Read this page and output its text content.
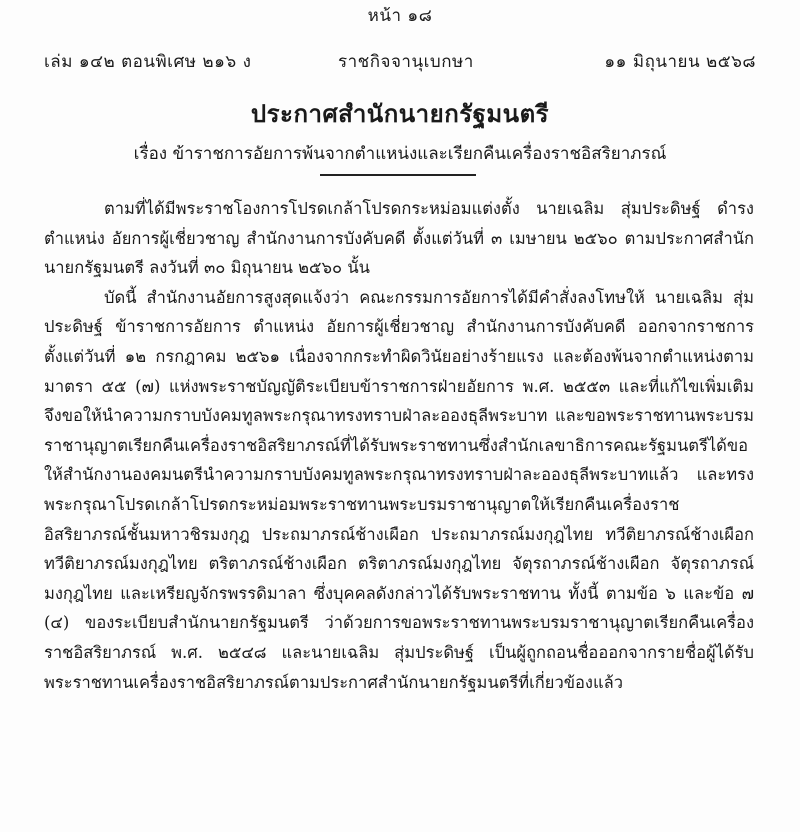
หน้า ๑๘
เล่ม ๑๔๒ ตอนพิเศษ ๒๑๖ ง	ราชกิจจานุเบกษา	๑๑ มิถุนายน ๒๕๖๘
ประกาศสำนักนายกรัฐมนตรี
เรื่อง ข้าราชการอัยการพ้นจากตำแหน่งและเรียกคืนเครื่องราชอิสริยาภรณ์

ตามที่ได้มีพระราชโองการโปรดเกล้าโปรดกระหม่อมแต่งตั้ง นายเฉลิม สุ่มประดิษฐ์ ดำรงตำแหน่ง อัยการผู้เชี่ยวชาญ สำนักงานการบังคับคดี ตั้งแต่วันที่ ๓ เมษายน ๒๕๖๐ ตามประกาศสำนักนายกรัฐมนตรี ลงวันที่ ๓๐ มิถุนายน ๒๕๖๐ นั้น

บัดนี้ สำนักงานอัยการสูงสุดแจ้งว่า คณะกรรมการอัยการได้มีคำสั่งลงโทษให้ นายเฉลิม สุ่มประดิษฐ์ ข้าราชการอัยการ ตำแหน่ง อัยการผู้เชี่ยวชาญ สำนักงานการบังคับคดี ออกจากราชการ ตั้งแต่วันที่ ๑๒ กรกฎาคม ๒๕๖๑ เนื่องจากกระทำผิดวินัยอย่างร้ายแรง และต้องพ้นจากตำแหน่งตามมาตรา ๕๕ (๗) แห่งพระราชบัญญัติระเบียบข้าราชการฝ่ายอัยการ พ.ศ. ๒๕๕๓ และที่แก้ไขเพิ่มเติม จึงขอให้นำความกราบบังคมทูลพระกรุณาทรงทราบฝ่าละอองธุลีพระบาท และขอพระราชทานพระบรมราชานุญาตเรียกคืนเครื่องราชอิสริยาภรณ์ที่ได้รับพระราชทานซึ่งสำนักเลขาธิการคณะรัฐมนตรีได้ขอให้สำนักงานองคมนตรีนำความกราบบังคมทูลพระกรุณาทรงทราบฝ่าละอองธุลีพระบาทแล้ว และทรงพระกรุณาโปรดเกล้าโปรดกระหม่อมพระราชทานพระบรมราชานุญาตให้เรียกคืนเครื่องราชอิสริยาภรณ์ชั้นมหาวชิรมงกุฎ ประถมาภรณ์ช้างเผือก ประถมาภรณ์มงกุฎไทย ทวีติยาภรณ์ช้างเผือก ทวีติยาภรณ์มงกุฎไทย ตริตาภรณ์ช้างเผือก ตริตาภรณ์มงกุฎไทย จัตุรถาภรณ์ช้างเผือก จัตุรถาภรณ์มงกุฎไทย และเหรียญจักรพรรดิมาลา ซึ่งบุคคลดังกล่าวได้รับพระราชทาน ทั้งนี้ ตามข้อ ๖ และข้อ ๗ (๔) ของระเบียบสำนักนายกรัฐมนตรี ว่าด้วยการขอพระราชทานพระบรมราชานุญาตเรียกคืนเครื่องราชอิสริยาภรณ์ พ.ศ. ๒๕๔๘ และนายเฉลิม สุ่มประดิษฐ์ เป็นผู้ถูกถอนชื่อออกจากรายชื่อผู้ได้รับพระราชทานเครื่องราชอิสริยาภรณ์ตามประกาศสำนักนายกรัฐมนตรีที่เกี่ยวข้องแล้ว
